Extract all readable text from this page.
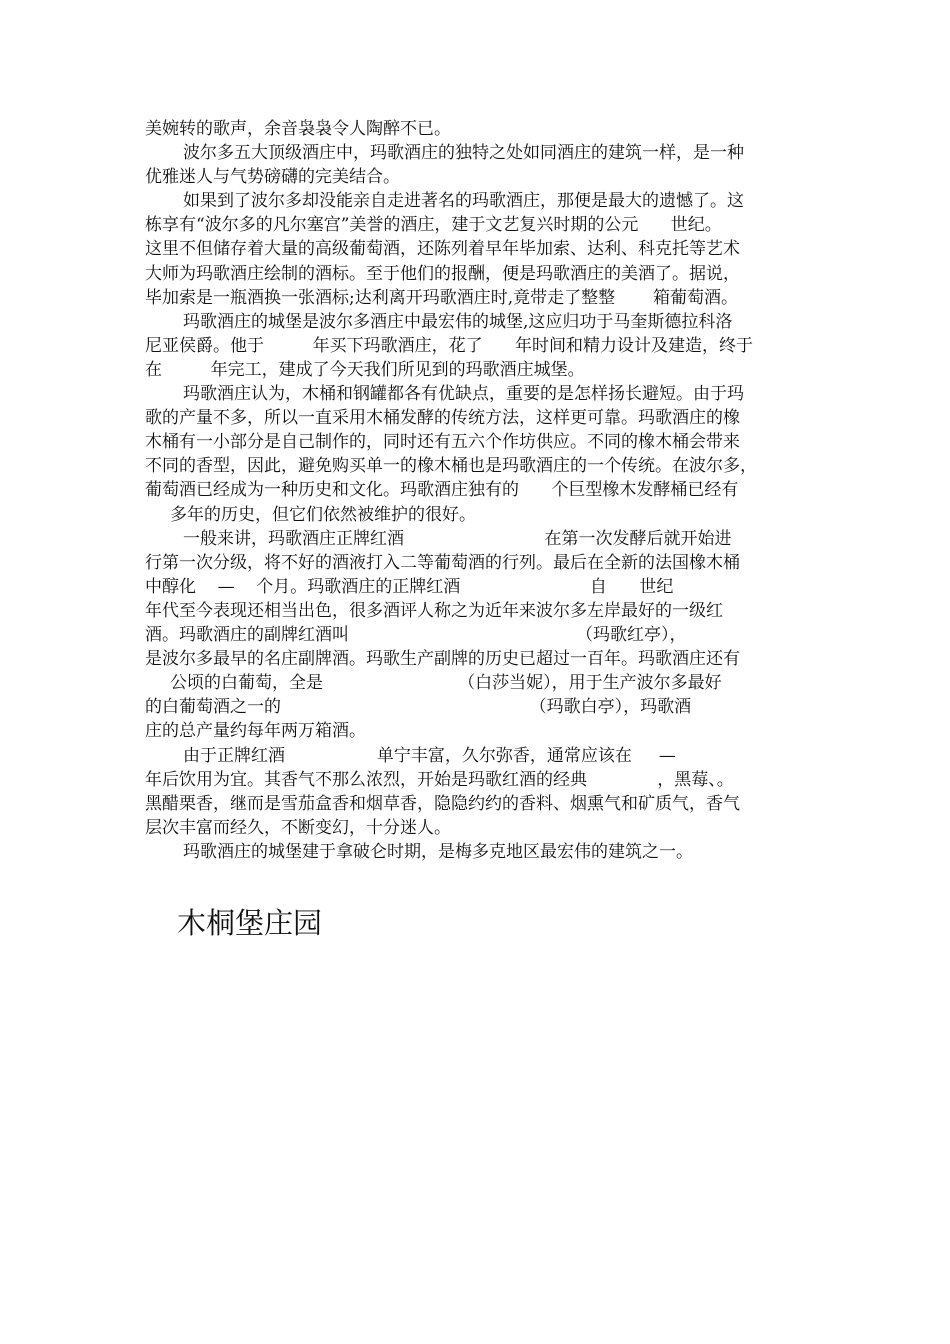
美婉转的歌声，余音袅袅令人陶醉不已。
波尔多五大顶级酒庄中，玛歌酒庄的独特之处如同酒庄的建筑一样，是一种
优雅迷人与气势磅礴的完美结合。
如果到了波尔多却没能亲自走进著名的玛歌酒庄，那便是最大的遗憾了。这
栋享有“波尔多的凡尔塞宫”美誉的酒庄，建于文艺复兴时期的公元      世纪。
这里不但储存着大量的高级葡萄酒，还陈列着早年毕加索、达利、科克托等艺术
大师为玛歌酒庄绘制的酒标。至于他们的报酬，便是玛歌酒庄的美酒了。据说，
毕加索是一瓶酒换一张酒标;达利离开玛歌酒庄时,竟带走了整整       箱葡萄酒。
玛歌酒庄的城堡是波尔多酒庄中最宏伟的城堡,这应归功于马奎斯德拉科洛
尼亚侯爵。他于         年买下玛歌酒庄，花了      年时间和精力设计及建造，终于
在         年完工，建成了今天我们所见到的玛歌酒庄城堡。
玛歌酒庄认为，木桶和钢罐都各有优缺点，重要的是怎样扬长避短。由于玛
歌的产量不多，所以一直采用木桶发酵的传统方法，这样更可靠。玛歌酒庄的橡
木桶有一小部分是自己制作的，同时还有五六个作坊供应。不同的橡木桶会带来
不同的香型，因此，避免购买单一的橡木桶也是玛歌酒庄的一个传统。在波尔多，
葡萄酒已经成为一种历史和文化。玛歌酒庄独有的      个巨型橡木发酵桶已经有
多年的历史，但它们依然被维护的很好。
一般来讲，玛歌酒庄正牌红酒                          在第一次发酵后就开始进
行第一次分级，将不好的酒液打入二等葡萄酒的行列。最后在全新的法国橡木桶
中醇化    —    个月。玛歌酒庄的正牌红酒                        自      世纪
年代至今表现还相当出色，很多酒评人称之为近年来波尔多左岸最好的一级红
酒。玛歌酒庄的副牌红酒叫                                          （玛歌红亭），
是波尔多最早的名庄副牌酒。玛歌生产副牌的历史已超过一百年。玛歌酒庄还有
公顷的白葡萄，全是                         （白莎当妮），用于生产波尔多最好
的白葡萄酒之一的                                              （玛歌白亭），玛歌酒
庄的总产量约每年两万箱酒。
由于正牌红酒                 单宁丰富，久尔弥香，通常应该在     —
年后饮用为宜。其香气不那么浓烈，开始是玛歌红酒的经典             ，黑莓、。
黑醋栗香，继而是雪茄盒香和烟草香，隐隐约约的香料、烟熏气和矿质气，香气
层次丰富而经久，不断变幻，十分迷人。
玛歌酒庄的城堡建于拿破仑时期，是梅多克地区最宏伟的建筑之一。
木桐堡庄园
